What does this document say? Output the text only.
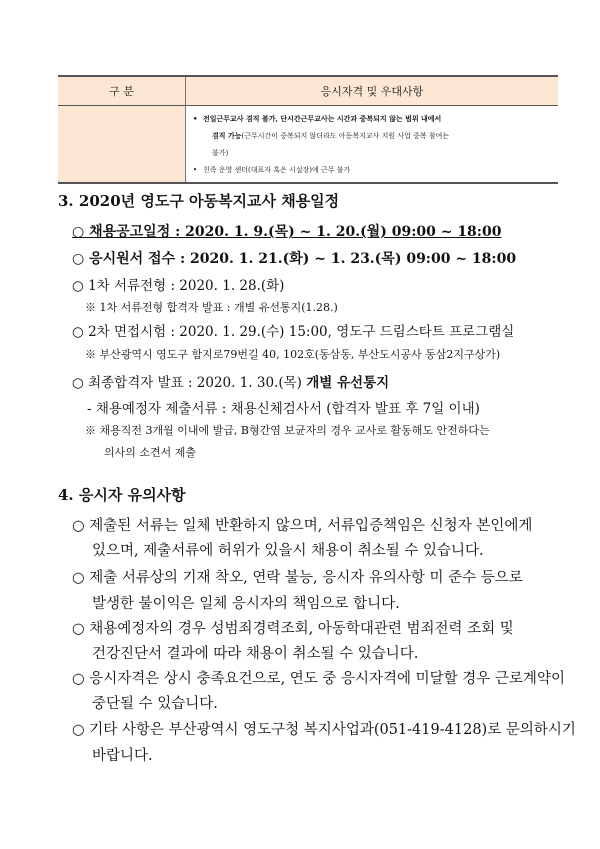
구 분	응시자격 및 우대사항

	• 전일근무교사 겸직 불가, 단시간근무교사는 시간과 중복되지 않는 범위 내에서
겸직 가능(근무시간이 중복되지 않더라도 아동복지교사 지원 사업 중복 참여는
불가)
• 친족 운영 센터(대표자 혹은 시설장)에 근무 불가
3. 2020년 영도구 아동복지교사 채용일정
○ 채용공고일정 : 2020. 1. 9.(목) ~ 1. 20.(월) 09:00 ~ 18:00
○ 응시원서 접수 : 2020. 1. 21.(화) ~ 1. 23.(목) 09:00 ~ 18:00
○ 1차 서류전형 : 2020. 1. 28.(화)
※ 1차 서류전형 합격자 발표 : 개별 유선통지(1.28.)
○ 2차 면접시험 : 2020. 1. 29.(수) 15:00, 영도구 드림스타트 프로그램실
※ 부산광역시 영도구 함지로79번길 40, 102호(동삼동, 부산도시공사 동삼2지구상가)
○ 최종합격자 발표 : 2020. 1. 30.(목) 개별 유선통지
- 채용예정자 제출서류 : 채용신체검사서 (합격자 발표 후 7일 이내)
※ 채용직전 3개월 이내에 발급, B형간염 보균자의 경우 교사로 활동해도 안전하다는
의사의 소견서 제출
4. 응시자 유의사항
○ 제출된 서류는 일체 반환하지 않으며, 서류입증책임은 신청자 본인에게
있으며, 제출서류에 허위가 있을시 채용이 취소될 수 있습니다.
○ 제출 서류상의 기재 착오, 연락 불능, 응시자 유의사항 미 준수 등으로
발생한 불이익은 일체 응시자의 책임으로 합니다.
○ 채용예정자의 경우 성범죄경력조회, 아동학대관련 범죄전력 조회 및
건강진단서 결과에 따라 채용이 취소될 수 있습니다.
○ 응시자격은 상시 충족요건으로, 연도 중 응시자격에 미달할 경우 근로계약이
중단될 수 있습니다.
○ 기타 사항은 부산광역시 영도구청 복지사업과(051-419-4128)로 문의하시기
바랍니다.
